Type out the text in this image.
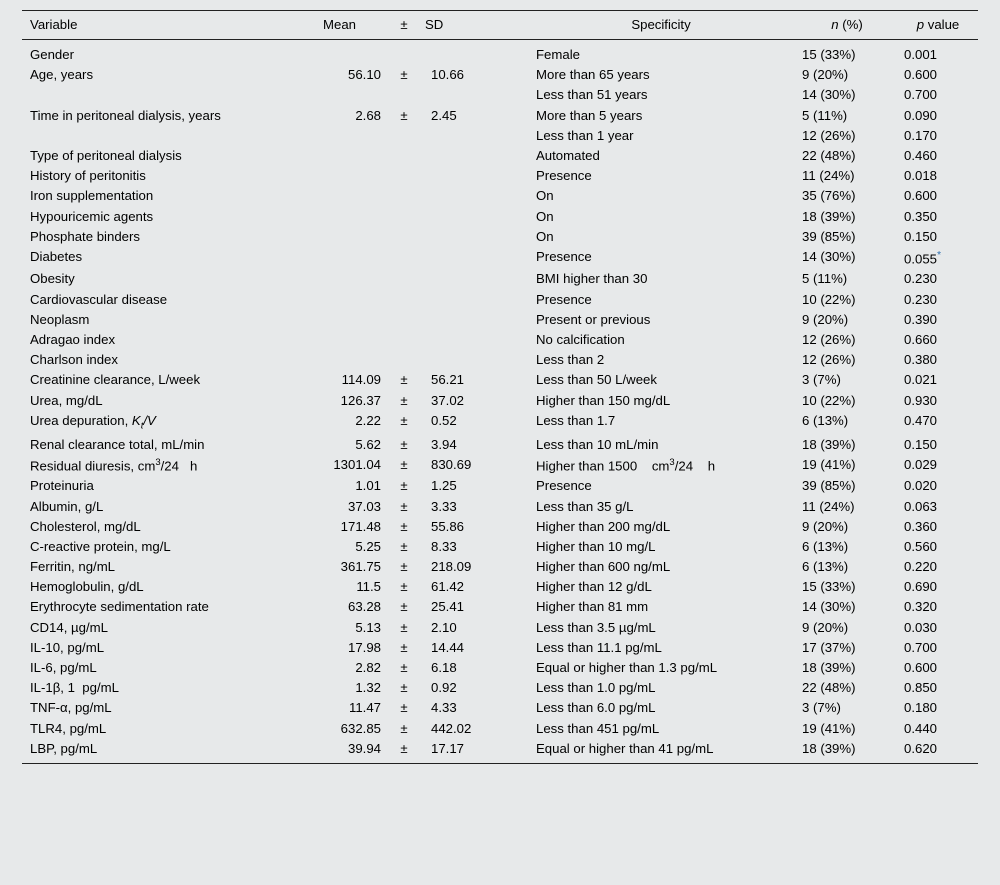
Variable	Mean	±	SD	Specificity	n (%)	p value
Gender				Female	15 (33%)	0.001
Age, years	56.10	±	10.66	More than 65 years	9 (20%)	0.600
				Less than 51 years	14 (30%)	0.700
Time in peritoneal dialysis, years	2.68	±	2.45	More than 5 years	5 (11%)	0.090
				Less than 1 year	12 (26%)	0.170
Type of peritoneal dialysis				Automated	22 (48%)	0.460
History of peritonitis				Presence	11 (24%)	0.018
Iron supplementation				On	35 (76%)	0.600
Hypouricemic agents				On	18 (39%)	0.350
Phosphate binders				On	39 (85%)	0.150
Diabetes				Presence	14 (30%)	0.055*
Obesity				BMI higher than 30	5 (11%)	0.230
Cardiovascular disease				Presence	10 (22%)	0.230
Neoplasm				Present or previous	9 (20%)	0.390
Adragao index				No calcification	12 (26%)	0.660
Charlson index				Less than 2	12 (26%)	0.380
Creatinine clearance, L/week	114.09	±	56.21	Less than 50 L/week	3 (7%)	0.021
Urea, mg/dL	126.37	±	37.02	Higher than 150 mg/dL	10 (22%)	0.930
Urea depuration, $K_t/V$	2.22	±	0.52	Less than 1.7	6 (13%)	0.470
Renal clearance total, mL/min	5.62	±	3.94	Less than 10 mL/min	18 (39%)	0.150
Residual diuresis, $cm^3/24$   h	1301.04	±	830.69	Higher than 1500    $cm^3/24$    h	19 (41%)	0.029
Proteinuria	1.01	±	1.25	Presence	39 (85%)	0.020
Albumin, g/L	37.03	±	3.33	Less than 35 g/L	11 (24%)	0.063
Cholesterol, mg/dL	171.48	±	55.86	Higher than 200 mg/dL	9 (20%)	0.360
C-reactive protein, mg/L	5.25	±	8.33	Higher than 10 mg/L	6 (13%)	0.560
Ferritin, ng/mL	361.75	±	218.09	Higher than 600 ng/mL	6 (13%)	0.220
Hemoglobulin, g/dL	11.5	±	61.42	Higher than 12 g/dL	15 (33%)	0.690
Erythrocyte sedimentation rate	63.28	±	25.41	Higher than 81 mm	14 (30%)	0.320
CD14, µg/mL	5.13	±	2.10	Less than 3.5 µg/mL	9 (20%)	0.030
IL-10, pg/mL	17.98	±	14.44	Less than 11.1 pg/mL	17 (37%)	0.700
IL-6, pg/mL	2.82	±	6.18	Equal or higher than 1.3 pg/mL	18 (39%)	0.600
IL-1β, 1  pg/mL	1.32	±	0.92	Less than 1.0 pg/mL	22 (48%)	0.850
TNF-α, pg/mL	11.47	±	4.33	Less than 6.0 pg/mL	3 (7%)	0.180
TLR4, pg/mL	632.85	±	442.02	Less than 451 pg/mL	19 (41%)	0.440
LBP, pg/mL	39.94	±	17.17	Equal or higher than 41 pg/mL	18 (39%)	0.620
